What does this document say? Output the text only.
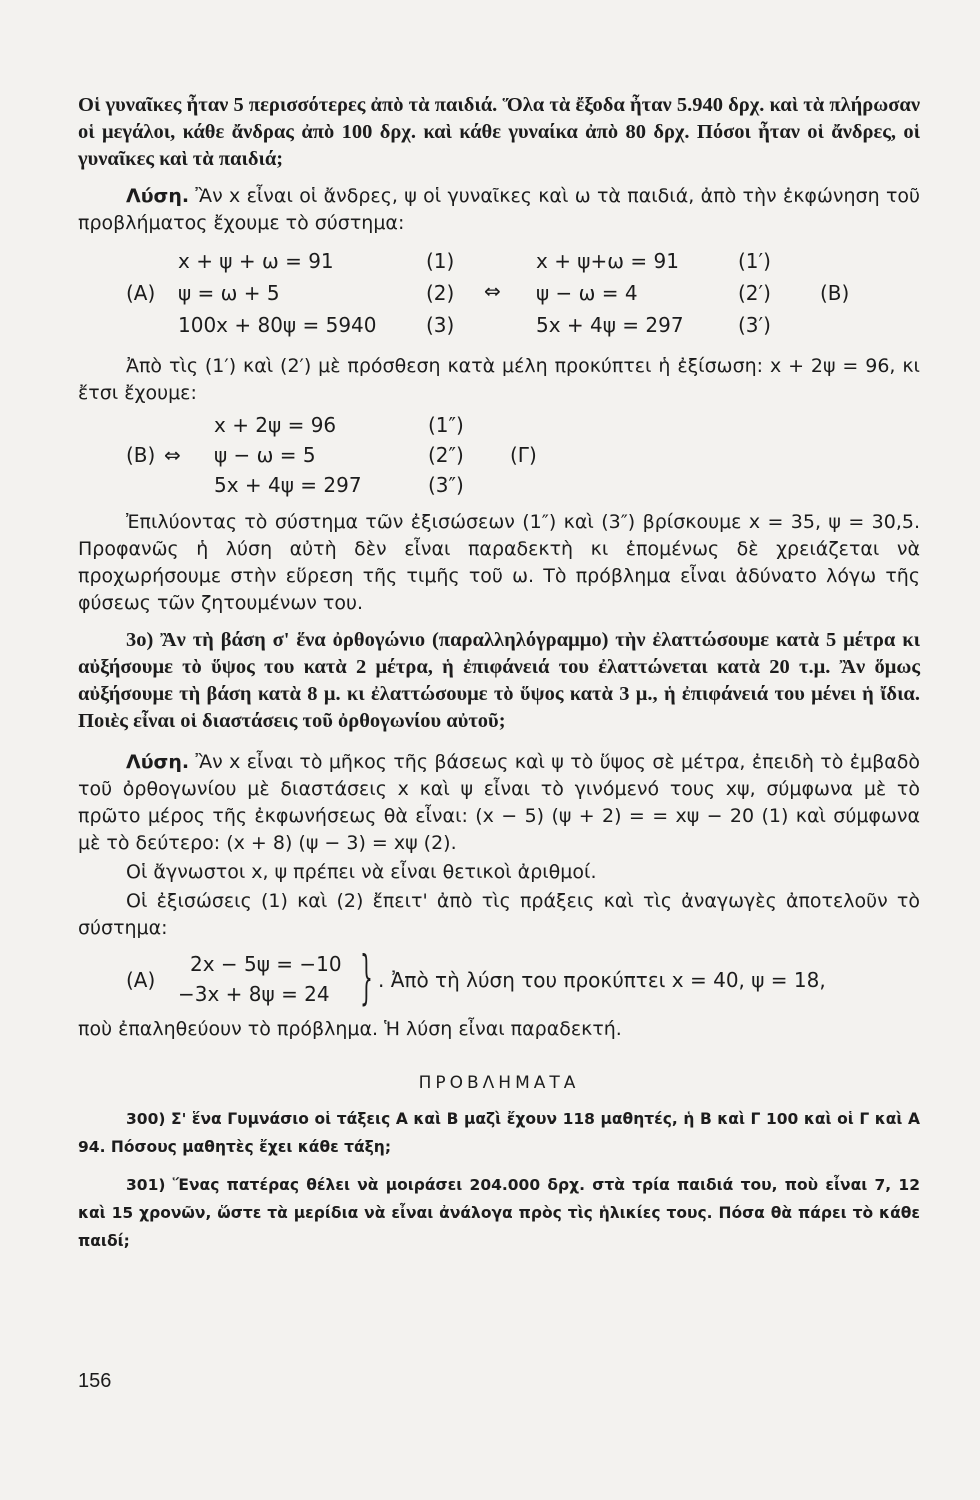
Οἱ γυναῖκες ἦταν 5 περισσότερες ἀπὸ τὰ παιδιά. Ὅλα τὰ ἔξοδα ἦταν 5.940 δρχ. καὶ τὰ πλήρωσαν οἱ μεγάλοι, κάθε ἄνδρας ἀπὸ 100 δρχ. καὶ κάθε γυναίκα ἀπὸ 80 δρχ. Πόσοι ἦταν οἱ ἄνδρες, οἱ γυναῖκες καὶ τὰ παιδιά;

Λύση. Ἂν x εἶναι οἱ ἄνδρες, ψ οἱ γυναῖκες καὶ ω τὰ παιδιά, ἀπὸ τὴν ἐκφώνηση τοῦ προβλήματος ἔχουμε τὸ σύστημα:

(A)
x + ψ + ω = 91
ψ = ω + 5
100x + 80ψ = 5940
(1)
(2)
(3)
⇔
x + ψ+ω = 91
ψ − ω = 4
5x + 4ψ = 297
(1′)
(2′)
(3′)
(B)

Ἀπὸ τὶς (1′) καὶ (2′) μὲ πρόσθεση κατὰ μέλη προκύπτει ἡ ἐξίσωση: x + 2ψ = 96, κι ἔτσι ἔχουμε:

(B) ⇔
x + 2ψ = 96
ψ − ω = 5
5x + 4ψ = 297
(1″)
(2″)
(3″)
(Γ)

Ἐπιλύοντας τὸ σύστημα τῶν ἐξισώσεων (1″) καὶ (3″) βρίσκουμε x = 35, ψ = 30,5. Προφανῶς ἡ λύση αὐτὴ δὲν εἶναι παραδεκτὴ κι ἑπομένως δὲ χρειάζεται νὰ προχωρήσουμε στὴν εὕρεση τῆς τιμῆς τοῦ ω. Τὸ πρόβλημα εἶναι ἀδύνατο λόγω τῆς φύσεως τῶν ζητουμένων του.

3ο) Ἂν τὴ βάση σ' ἕνα ὀρθογώνιο (παραλληλόγραμμο) τὴν ἐλαττώσουμε κατὰ 5 μέτρα κι αὐξήσουμε τὸ ὕψος του κατὰ 2 μέτρα, ἡ ἐπιφάνειά του ἐλαττώνεται κατὰ 20 τ.μ. Ἂν ὅμως αὐξήσουμε τὴ βάση κατὰ 8 μ. κι ἐλαττώσουμε τὸ ὕψος κατὰ 3 μ., ἡ ἐπιφάνειά του μένει ἡ ἴδια. Ποιὲς εἶναι οἱ διαστάσεις τοῦ ὀρθογωνίου αὐτοῦ;

Λύση. Ἂν x εἶναι τὸ μῆκος τῆς βάσεως καὶ ψ τὸ ὕψος σὲ μέτρα, ἐπειδὴ τὸ ἐμβαδὸ τοῦ ὀρθογωνίου μὲ διαστάσεις x καὶ ψ εἶναι τὸ γινόμενό τους xψ, σύμφωνα μὲ τὸ πρῶτο μέρος τῆς ἐκφωνήσεως θὰ εἶναι: (x − 5) (ψ + 2) = = xψ − 20 (1) καὶ σύμφωνα μὲ τὸ δεύτερο: (x + 8) (ψ − 3) = xψ (2).

Οἱ ἄγνωστοι x, ψ πρέπει νὰ εἶναι θετικοὶ ἀριθμοί.

Οἱ ἐξισώσεις (1) καὶ (2) ἔπειτ' ἀπὸ τὶς πράξεις καὶ τὶς ἀναγωγὲς ἀποτελοῦν τὸ σύστημα:

(A)
2x − 5ψ = −10
−3x + 8ψ = 24 } . Ἀπὸ τὴ λύση του προκύπτει x = 40, ψ = 18,

ποὺ ἐπαληθεύουν τὸ πρόβλημα. Ἡ λύση εἶναι παραδεκτή.

ΠΡΟΒΛΗΜΑΤΑ

300) Σ' ἕνα Γυμνάσιο οἱ τάξεις Α καὶ Β μαζὶ ἔχουν 118 μαθητές, ἡ Β καὶ Γ 100 καὶ οἱ Γ καὶ Α 94. Πόσους μαθητὲς ἔχει κάθε τάξη;

301) Ἕνας πατέρας θέλει νὰ μοιράσει 204.000 δρχ. στὰ τρία παιδιά του, ποὺ εἶναι 7, 12 καὶ 15 χρονῶν, ὥστε τὰ μερίδια νὰ εἶναι ἀνάλογα πρὸς τὶς ἡλικίες τους. Πόσα θὰ πάρει τὸ κάθε παιδί;

156
